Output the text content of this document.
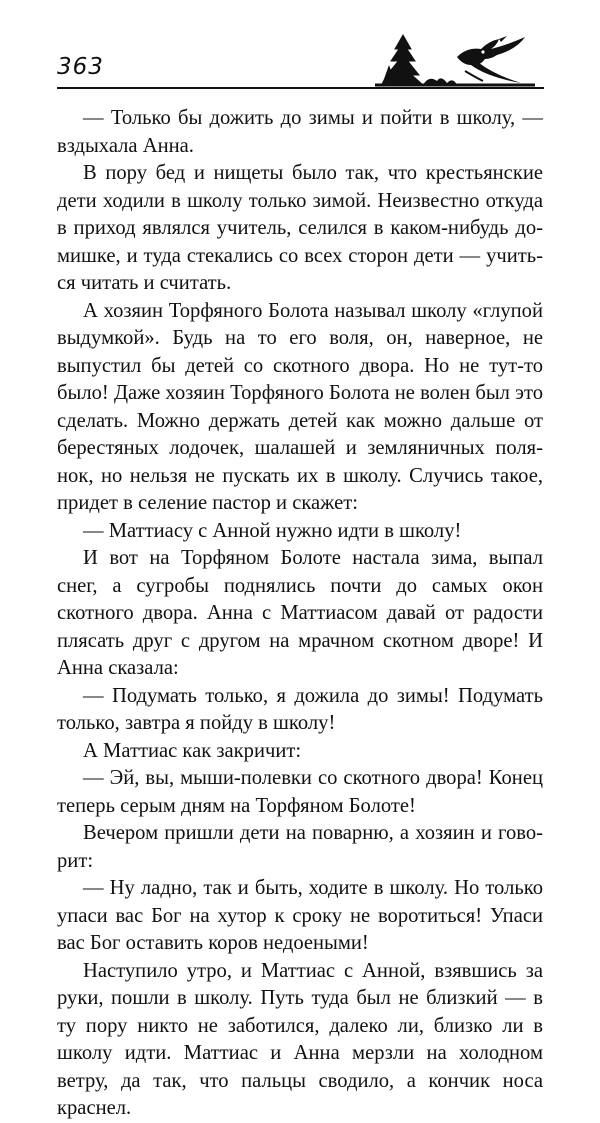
363

— Только бы дожить до зимы и пойти в школу, — вздыхала Анна.

В пору бед и нищеты было так, что крестьянские дети ходили в школу только зимой. Неизвестно откуда в приход являлся учитель, селился в каком-нибудь домишке, и туда стекались со всех сторон дети — учиться читать и считать.

А хозяин Торфяного Болота называл школу «глупой выдумкой». Будь на то его воля, он, наверное, не выпустил бы детей со скотного двора. Но не тут-то было! Даже хозяин Торфяного Болота не волен был это сделать. Можно держать детей как можно дальше от берестяных лодочек, шалашей и земляничных полянок, но нельзя не пускать их в школу. Случись такое, придет в селение пастор и скажет:

— Маттиасу с Анной нужно идти в школу!

И вот на Торфяном Болоте настала зима, выпал снег, а сугробы поднялись почти до самых окон скотного двора. Анна с Маттиасом давай от радости плясать друг с другом на мрачном скотном дворе! И Анна сказала:

— Подумать только, я дожила до зимы! Подумать только, завтра я пойду в школу!

А Маттиас как закричит:

— Эй, вы, мыши-полевки со скотного двора! Конец теперь серым дням на Торфяном Болоте!

Вечером пришли дети на поварню, а хозяин и говорит:

— Ну ладно, так и быть, ходите в школу. Но только упаси вас Бог на хутор к сроку не воротиться! Упаси вас Бог оставить коров недоеными!

Наступило утро, и Маттиас с Анной, взявшись за руки, пошли в школу. Путь туда был не близкий — в ту пору никто не заботился, далеко ли, близко ли в школу идти. Маттиас и Анна мерзли на холодном ветру, да так, что пальцы сводило, а кончик носа краснел.
